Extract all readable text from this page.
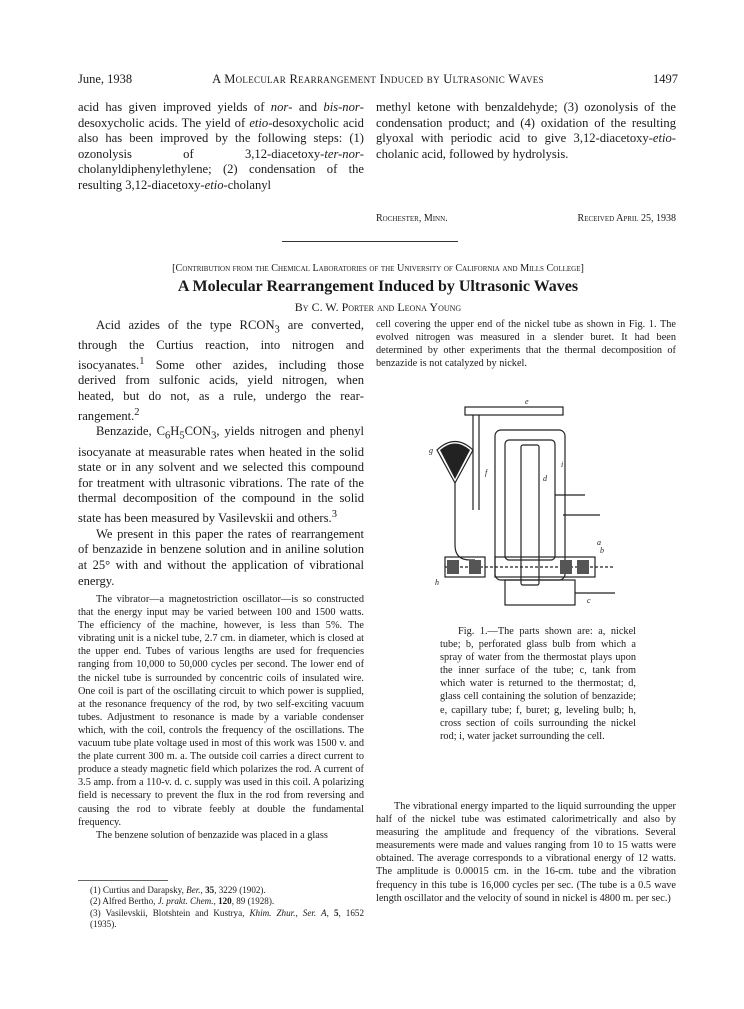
June, 1938	A Molecular Rearrangement Induced by Ultrasonic Waves	1497

acid has given improved yields of nor- and bis-nor-desoxycholic acids. The yield of etio-desoxycholic acid also has been improved by the following steps: (1) ozonolysis of 3,12-diacetoxy-ter-nor-cholanyldiphenylethylene; (2) condensation of the resulting 3,12-diacetoxy-etio-cholanyl

methyl ketone with benzaldehyde; (3) ozonolysis of the condensation product; and (4) oxidation of the resulting glyoxal with periodic acid to give 3,12-diacetoxy-etio-cholanic acid, followed by hydrolysis.

Rochester, Minn.	Received April 25, 1938
[Contribution from the Chemical Laboratories of the University of California and Mills College]
A Molecular Rearrangement Induced by Ultrasonic Waves
By C. W. Porter and Leona Young

Acid azides of the type $RCON_3$ are converted, through the Curtius reaction, into nitrogen and isocyanates.$^1$ Some other azides, including those derived from sulfonic acids, yield nitrogen, when heated, but do not, as a rule, undergo the rearrangement.$^2$

Benzazide, $C_6H_5CON_3$, yields nitrogen and phenyl isocyanate at measurable rates when heated in the solid state or in any solvent and we selected this compound for treatment with ultrasonic vibrations. The rate of the thermal decomposition of the compound in the solid state has been measured by Vasilevskii and others.$^3$

We present in this paper the rates of rearrangement of benzazide in benzene solution and in aniline solution at 25° with and without the application of vibrational energy.

The vibrator—a magnetostriction oscillator—is so constructed that the energy input may be varied between 100 and 1500 watts. The efficiency of the machine, however, is less than 5%. The vibrating unit is a nickel tube, 2.7 cm. in diameter, which is closed at the upper end. Tubes of various lengths are used for frequencies ranging from 10,000 to 50,000 cycles per second. The lower end of the nickel tube is surrounded by concentric coils of insulated wire. One coil is part of the oscillating circuit to which power is supplied, at the resonance frequency of the rod, by two self-exciting vacuum tubes. Adjustment to resonance is made by a variable condenser which, with the coil, controls the frequency of the oscillations. The vacuum tube plate voltage used in most of this work was 1500 v. and the plate current 300 m. a. The outside coil carries a direct current to produce a steady magnetic field which polarizes the rod. A current of 3.5 amp. from a 110-v. d. c. supply was used in this coil. A polarizing field is necessary to prevent the flux in the rod from reversing and causing the rod to vibrate feebly at double the fundamental frequency.

The benzene solution of benzazide was placed in a glass

(1) Curtius and Darapsky, Ber., 35, 3229 (1902).

(2) Alfred Bertho, J. prakt. Chem., 120, 89 (1928).

(3) Vasilevskii, Blotshtein and Kustrya, Khim. Zhur., Ser. A, 5, 1652 (1935).

cell covering the upper end of the nickel tube as shown in Fig. 1. The evolved nitrogen was measured in a slender buret. It had been determined by other experiments that the thermal decomposition of benzazide is not catalyzed by nickel.

e
g
i
f
d
a
b
h
c

Fig. 1.—The parts shown are: a, nickel tube; b, perforated glass bulb from which a spray of water from the thermostat plays upon the inner surface of the tube; c, tank from which water is returned to the thermostat; d, glass cell containing the solution of benzazide; e, capillary tube; f, buret; g, leveling bulb; h, cross section of coils surrounding the nickel rod; i, water jacket surrounding the cell.

The vibrational energy imparted to the liquid surrounding the upper half of the nickel tube was estimated calorimetrically and also by measuring the amplitude and frequency of the vibrations. Several measurements were made and values ranging from 10 to 15 watts were obtained. The average corresponds to a vibrational energy of 12 watts. The amplitude is 0.00015 cm. in the 16-cm. tube and the vibration frequency in this tube is 16,000 cycles per sec. (The tube is a 0.5 wave length oscillator and the velocity of sound in nickel is 4800 m. per sec.)
